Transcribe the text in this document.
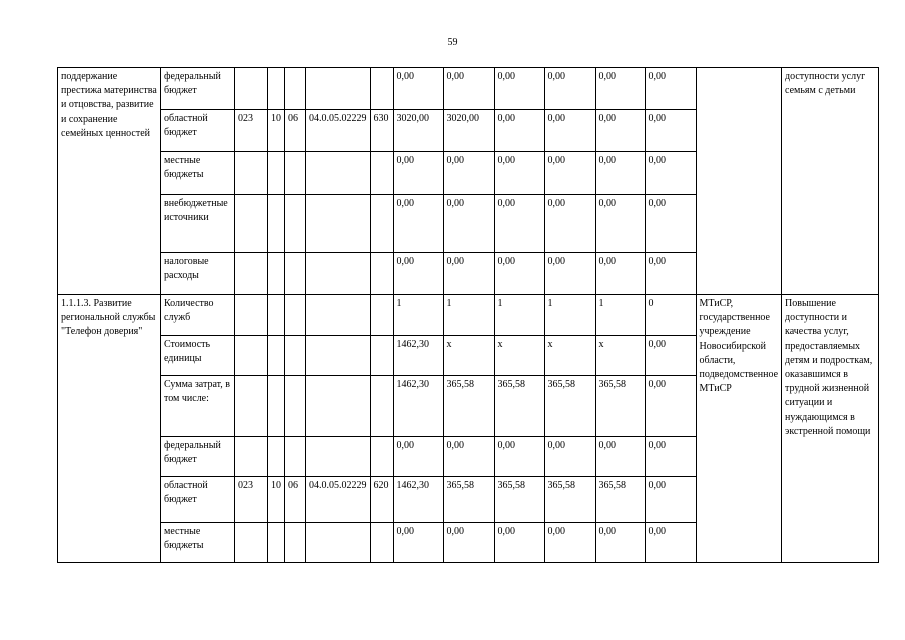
59
поддержание престижа материнства и отцовства, развитие и сохранение семейных ценностей	федеральный бюджет						0,00	0,00	0,00	0,00	0,00	0,00		доступности услуг семьям с детьми
	областной бюджет	023	10	06	04.0.05.02229	630	3020,00	3020,00	0,00	0,00	0,00	0,00		
	местные бюджеты						0,00	0,00	0,00	0,00	0,00	0,00		
	внебюджетные источники						0,00	0,00	0,00	0,00	0,00	0,00		
	налоговые расходы						0,00	0,00	0,00	0,00	0,00	0,00		
1.1.1.3. Развитие региональной службы "Телефон доверия"	Количество служб						1	1	1	1	1	0	МТиСР, государственное учреждение Новосибирской области, подведомственное МТиСР	Повышение доступности и качества услуг, предоставляемых детям и подросткам, оказавшимся в трудной жизненной ситуации и нуждающимся в экстренной помощи
	Стоимость единицы						1462,30	х	х	х	х	0,00		
	Сумма затрат, в том числе:						1462,30	365,58	365,58	365,58	365,58	0,00		
	федеральный бюджет						0,00	0,00	0,00	0,00	0,00	0,00		
	областной бюджет	023	10	06	04.0.05.02229	620	1462,30	365,58	365,58	365,58	365,58	0,00		
	местные бюджеты						0,00	0,00	0,00	0,00	0,00	0,00		
